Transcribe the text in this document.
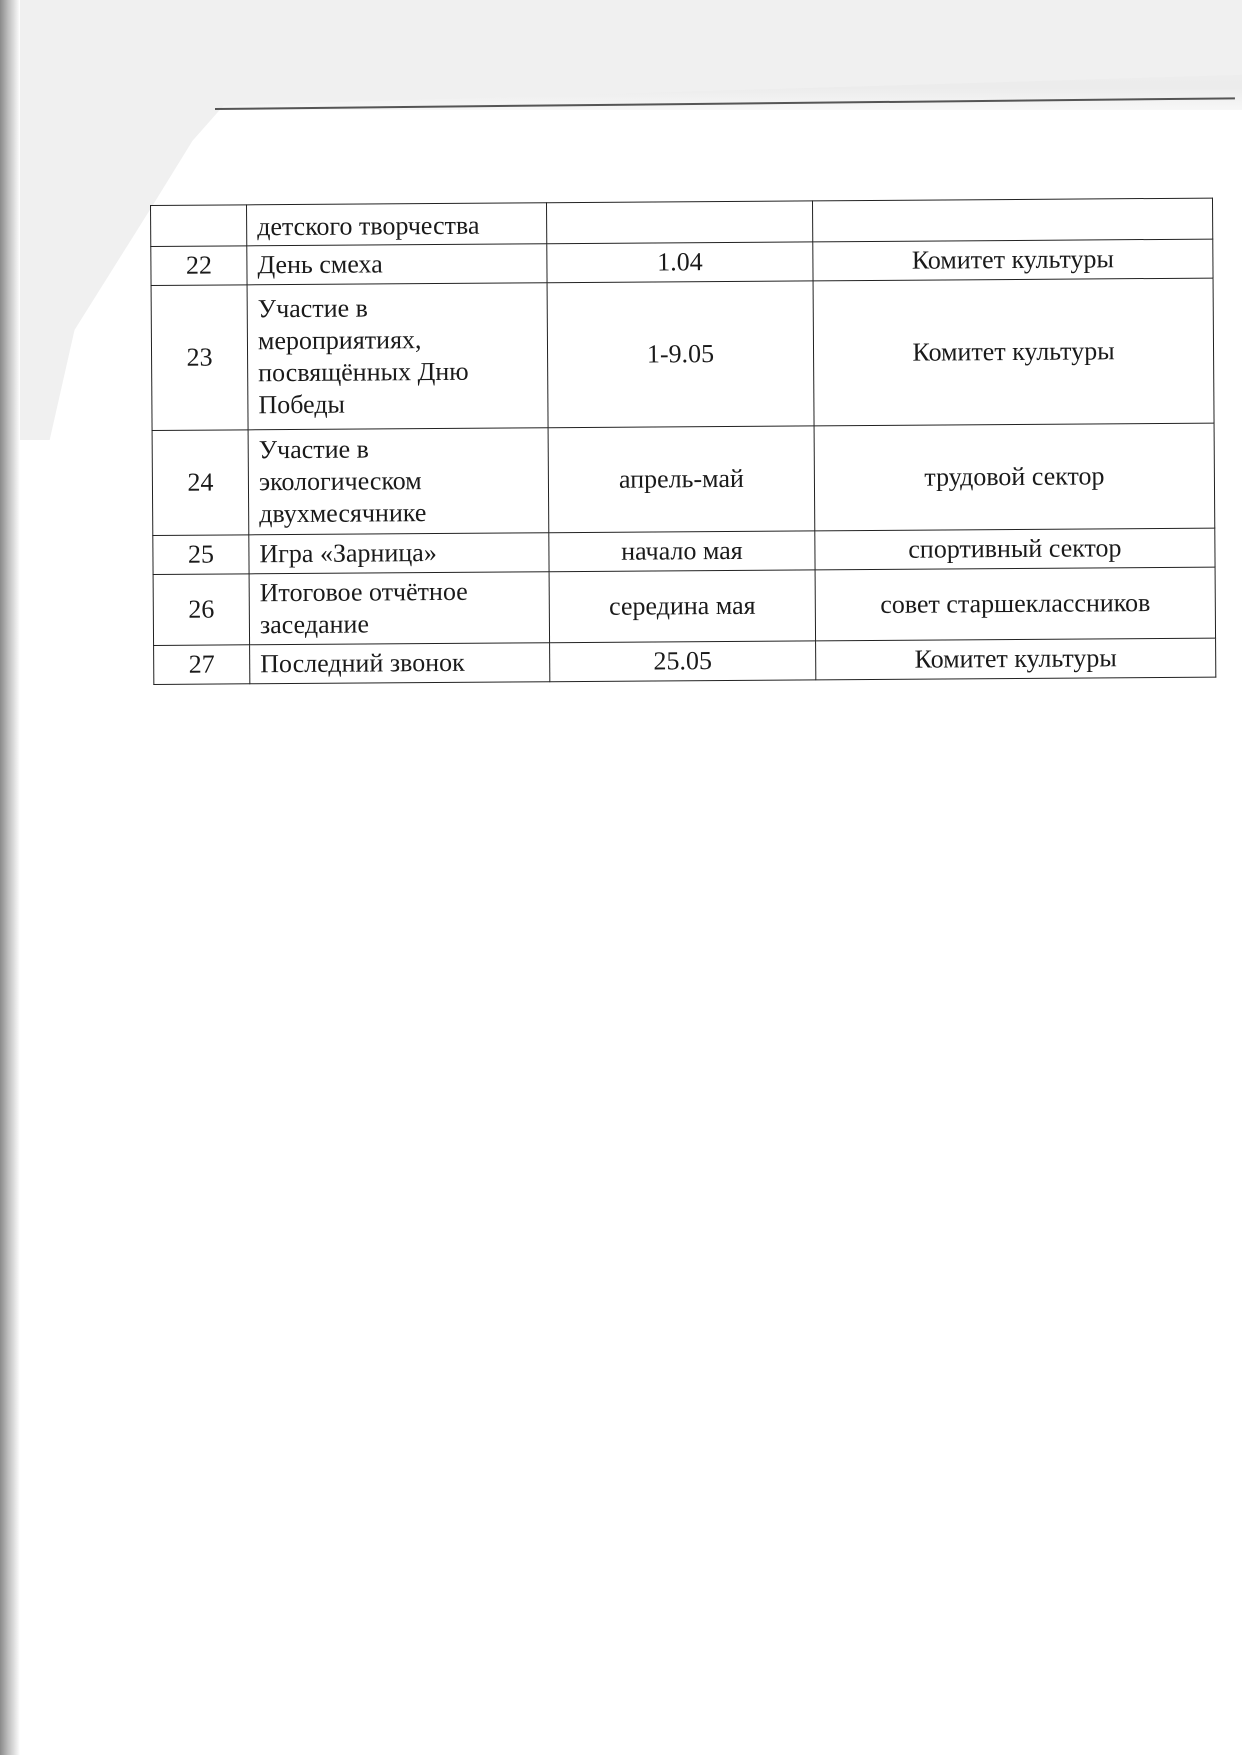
	детского творчества		
22	День смеха	1.04	Комитет культуры
23	Участие в мероприятиях, посвящённых Дню Победы	1-9.05	Комитет культуры
24	Участие в экологическом двухмесячнике	апрель-май	трудовой сектор
25	Игра «Зарница»	начало мая	спортивный сектор
26	Итоговое отчётное заседание	середина мая	совет старшеклассников
27	Последний звонок	25.05	Комитет культуры
